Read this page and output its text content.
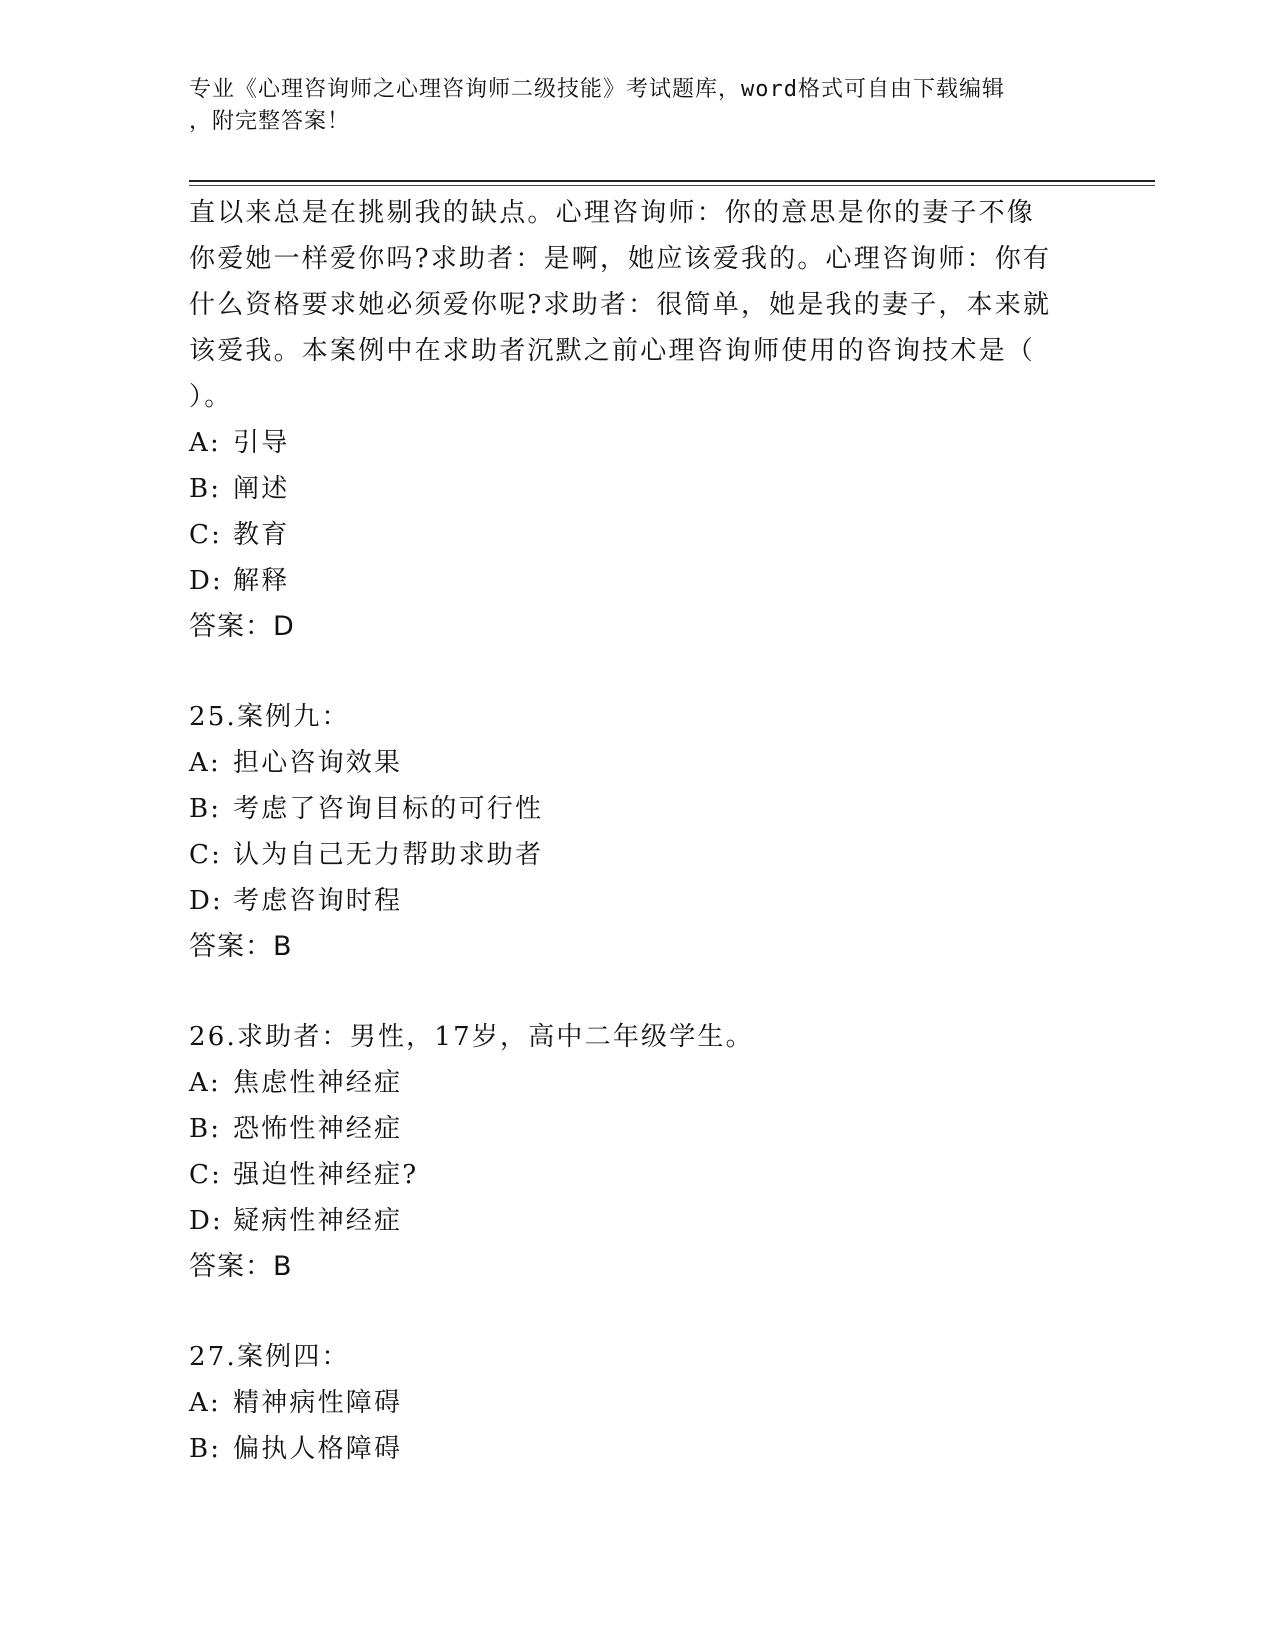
专业《心理咨询师之心理咨询师二级技能》考试题库，word格式可自由下载编辑
，附完整答案！
直以来总是在挑剔我的缺点。心理咨询师：你的意思是你的妻子不像
你爱她一样爱你吗?求助者：是啊，她应该爱我的。心理咨询师：你有
什么资格要求她必须爱你呢?求助者：很简单，她是我的妻子，本来就
该爱我。本案例中在求助者沉默之前心理咨询师使用的咨询技术是（
）。
A: 引导
B: 阐述
C: 教育
D: 解释
答案：D
25.案例九：
A: 担心咨询效果
B: 考虑了咨询目标的可行性
C: 认为自己无力帮助求助者
D: 考虑咨询时程
答案：B
26.求助者：男性，17岁，高中二年级学生。
A: 焦虑性神经症
B: 恐怖性神经症
C: 强迫性神经症?
D: 疑病性神经症
答案：B
27.案例四：
A: 精神病性障碍
B: 偏执人格障碍
